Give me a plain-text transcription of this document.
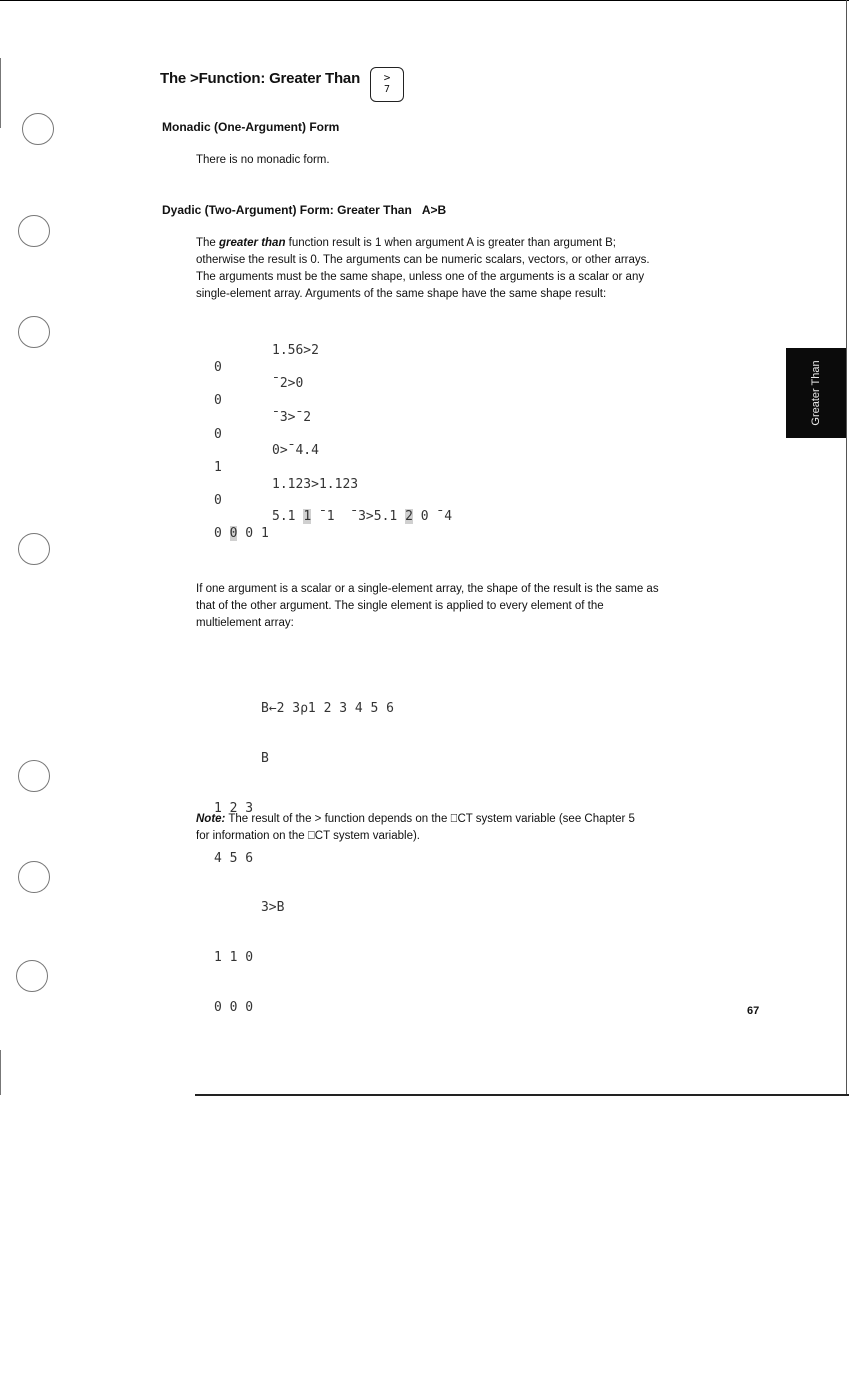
The >Function: Greater Than	>
7
Monadic (One-Argument) Form
There is no monadic form.
Dyadic (Two-Argument) Form: Greater Than A>B

The greater than function result is 1 when argument A is greater than argument B; otherwise the result is 0. The arguments can be numeric scalars, vectors, or other arrays. The arguments must be the same shape, unless one of the arguments is a scalar or any single-element array. Arguments of the same shape have the same shape result:

1.56>2
0
¯2>0
0
¯3>¯2
0
0>¯4.4
1
1.123>1.123
0
5.1 1 ¯1  ¯3>5.1 2 0 ¯4
0 0 0 1
If one argument is a scalar or a single-element array, the shape of the result is the same as that of the other argument. The single element is applied to every element of the multielement array:

B←2 3⍴1 2 3 4 5 6

B

1 2 3

4 5 6

3>B

1 1 0

0 0 0

Note: The result of the > function depends on the ⎕CT system variable (see Chapter 5 for information on the ⎕CT system variable).

Greater Than
67
